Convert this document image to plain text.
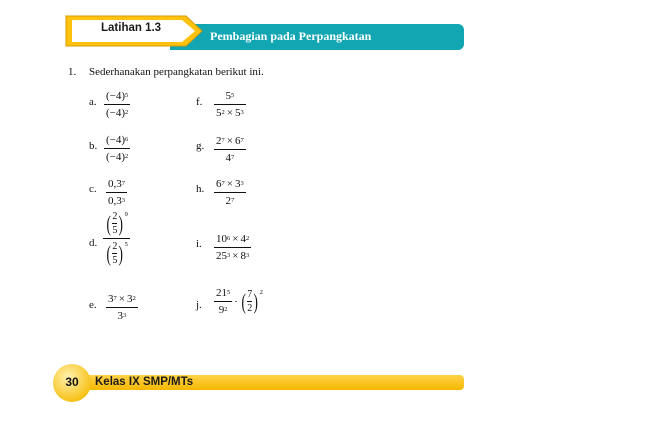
Latihan 1.3
Pembagian pada Perpangkatan
1. Sederhanakan perpangkatan berikut ini.
a. $\frac{(-4)^5}{(-4)^2}$
b. $\frac{(-4)^6}{(-4)^2}$
c. $\frac{0,3^7}{0,3^3}$
d. $\frac{( \frac{2}{5} )^9}{( \frac{2}{5} )^5}$
e. $\frac{3^7 \times 3^2}{3^3}$
f. $\frac{5^5}{5^2 \times 5^3}$
g. $\frac{2^7 \times 6^7}{4^7}$
h. $\frac{6^7 \times 3^3}{2^7}$
i. $\frac{10^6 \times 4^2}{25^3 \times 8^3}$
j. $\frac{21^5}{9^2}$ · ( $\frac{7}{2} )^2$
30	Kelas IX SMP/MTs
